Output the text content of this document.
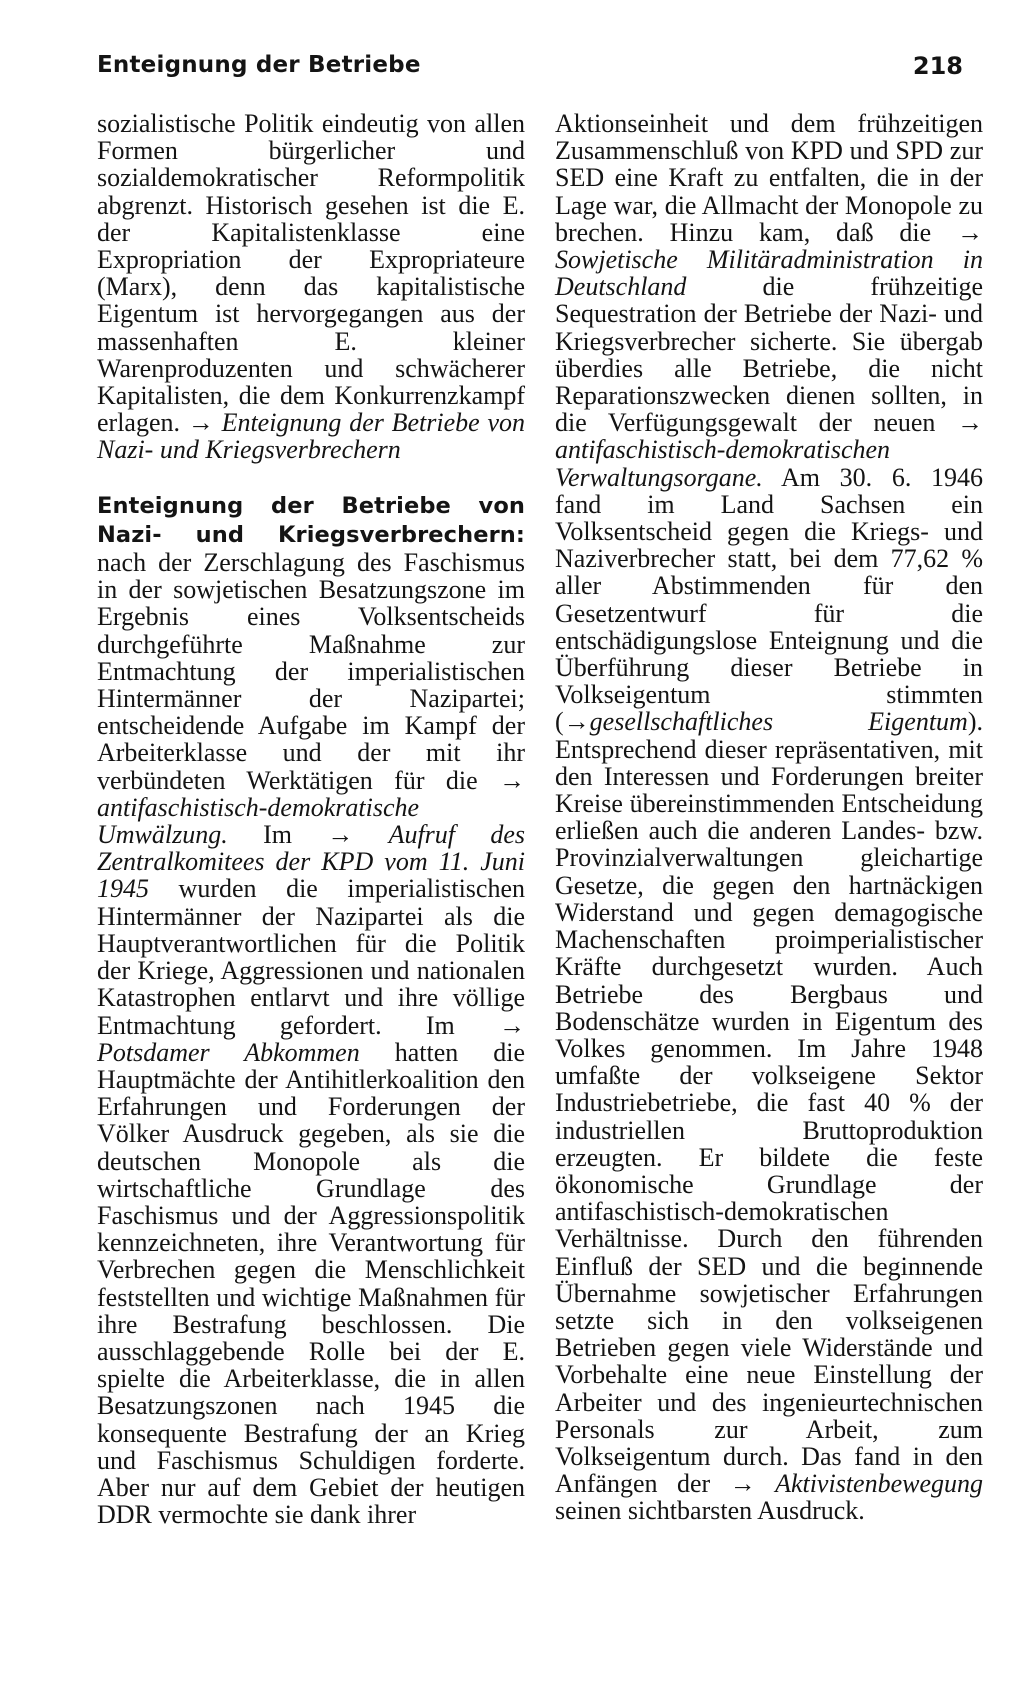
Enteignung der Betriebe	218

sozialistische Politik eindeutig von allen Formen bürgerlicher und sozialdemokratischer Reformpolitik abgrenzt. Historisch gesehen ist die E. der Kapitalistenklasse eine Expropriation der Expropriateure (Marx), denn das kapitalistische Eigentum ist hervorgegangen aus der massenhaften E. kleiner Warenproduzenten und schwächerer Kapitalisten, die dem Konkurrenzkampf erlagen. → Enteignung der Betriebe von Nazi- und Kriegsverbrechern

Enteignung der Betriebe von Nazi- und Kriegsverbrechern: nach der Zerschlagung des Faschismus in der sowjetischen Besatzungszone im Ergebnis eines Volksentscheids durchgeführte Maßnahme zur Entmachtung der imperialistischen Hintermänner der Nazipartei; entscheidende Aufgabe im Kampf der Arbeiterklasse und der mit ihr verbündeten Werktätigen für die → antifaschistisch-demokratische Umwälzung. Im → Aufruf des Zentralkomitees der KPD vom 11. Juni 1945 wurden die imperialistischen Hintermänner der Nazipartei als die Hauptverantwortlichen für die Politik der Kriege, Aggressionen und nationalen Katastrophen entlarvt und ihre völlige Entmachtung gefordert. Im → Potsdamer Abkommen hatten die Hauptmächte der Antihitlerkoalition den Erfahrungen und Forderungen der Völker Ausdruck gegeben, als sie die deutschen Monopole als die wirtschaftliche Grundlage des Faschismus und der Aggressionspolitik kennzeichneten, ihre Verantwortung für Verbrechen gegen die Menschlichkeit feststellten und wichtige Maßnahmen für ihre Bestrafung beschlossen. Die ausschlaggebende Rolle bei der E. spielte die Arbeiterklasse, die in allen Besatzungszonen nach 1945 die konsequente Bestrafung der an Krieg und Faschismus Schuldigen forderte. Aber nur auf dem Gebiet der heutigen DDR vermochte sie dank ihrer

Aktionseinheit und dem frühzeitigen Zusammenschluß von KPD und SPD zur SED eine Kraft zu entfalten, die in der Lage war, die Allmacht der Monopole zu brechen. Hinzu kam, daß die → Sowjetische Militäradministration in Deutschland	die frühzeitige Sequestration der Betriebe der Nazi- und Kriegsverbrecher sicherte. Sie übergab überdies alle Betriebe, die nicht Reparationszwecken dienen sollten, in die Verfügungsgewalt der neuen → antifaschistisch-demokratischen Verwaltungsorgane. Am 30. 6. 1946 fand im Land Sachsen ein Volksentscheid gegen die Kriegs- und Naziverbrecher statt, bei dem 77,62 % aller Abstimmenden für den Gesetzentwurf für die entschädigungslose Enteignung und die Überführung dieser Betriebe in Volkseigentum stimmten (→gesellschaftliches Eigentum). Entsprechend dieser repräsentativen, mit den Interessen und Forderungen breiter Kreise übereinstimmenden Entscheidung erließen auch die anderen Landes- bzw. Provinzialverwaltungen gleichartige Gesetze, die gegen den hartnäckigen Widerstand und gegen demagogische Machenschaften proimperialistischer Kräfte durchgesetzt wurden. Auch Betriebe des Bergbaus und Bodenschätze wurden in Eigentum des Volkes genommen. Im Jahre 1948 umfaßte der volkseigene Sektor Industriebetriebe, die fast 40 % der industriellen Bruttoproduktion erzeugten. Er bildete die feste ökonomische Grundlage der antifaschistisch-demokratischen Verhältnisse. Durch den führenden Einfluß der SED und die beginnende Übernahme sowjetischer Erfahrungen setzte sich in den volkseigenen Betrieben gegen viele Widerstände und Vorbehalte eine neue Einstellung der Arbeiter und des ingenieurtechnischen Personals zur Arbeit, zum Volkseigentum durch. Das fand in den Anfängen der → Aktivistenbewegung seinen sichtbarsten Ausdruck.
